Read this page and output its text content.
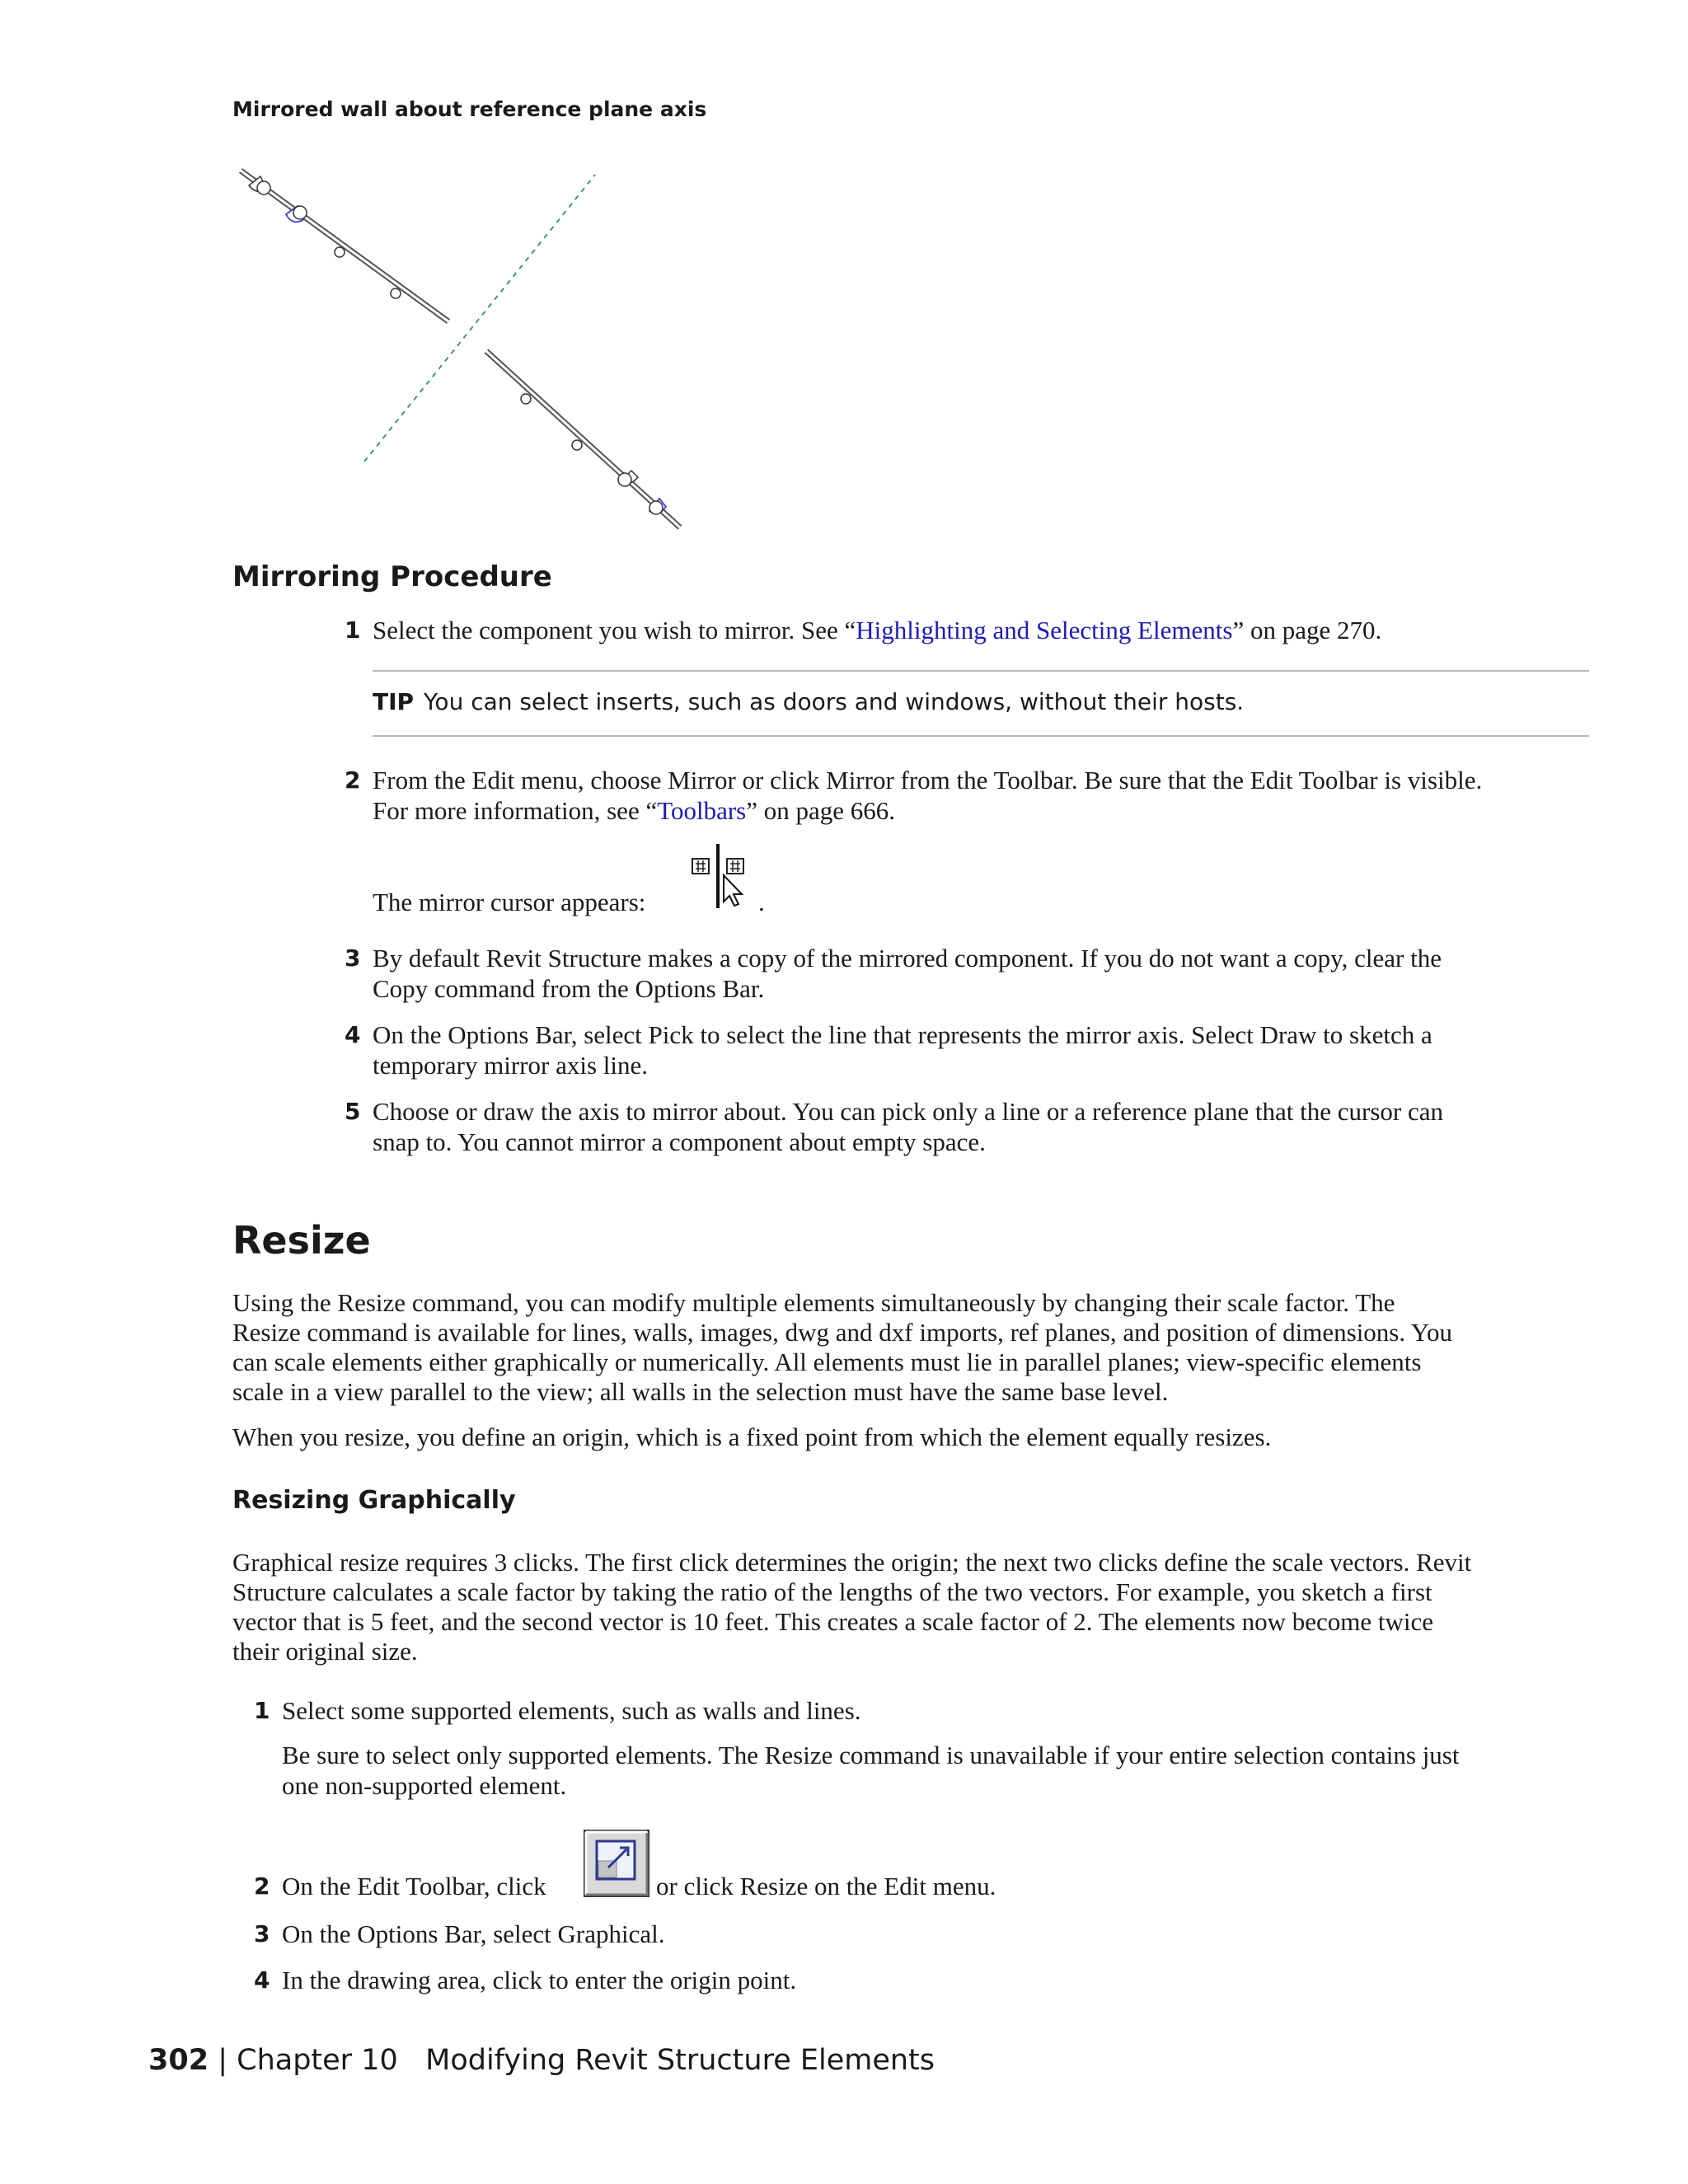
Mirrored wall about reference plane axis
Mirroring Procedure
1 Select the component you wish to mirror. See “Highlighting and Selecting Elements” on page 270.
TIP You can select inserts, such as doors and windows, without their hosts.
2 From the Edit menu, choose Mirror or click Mirror from the Toolbar. Be sure that the Edit Toolbar is visible.
For more information, see “Toolbars” on page 666.
The mirror cursor appears:	.
3 By default Revit Structure makes a copy of the mirrored component. If you do not want a copy, clear the
Copy command from the Options Bar.
4 On the Options Bar, select Pick to select the line that represents the mirror axis. Select Draw to sketch a
temporary mirror axis line.
5 Choose or draw the axis to mirror about. You can pick only a line or a reference plane that the cursor can
snap to. You cannot mirror a component about empty space.
Resize
Using the Resize command, you can modify multiple elements simultaneously by changing their scale factor. The
Resize command is available for lines, walls, images, dwg and dxf imports, ref planes, and position of dimensions. You
can scale elements either graphically or numerically. All elements must lie in parallel planes; view-specific elements
scale in a view parallel to the view; all walls in the selection must have the same base level.
When you resize, you define an origin, which is a fixed point from which the element equally resizes.
Resizing Graphically
Graphical resize requires 3 clicks. The first click determines the origin; the next two clicks define the scale vectors. Revit
Structure calculates a scale factor by taking the ratio of the lengths of the two vectors. For example, you sketch a first
vector that is 5 feet, and the second vector is 10 feet. This creates a scale factor of 2. The elements now become twice
their original size.
1 Select some supported elements, such as walls and lines.
Be sure to select only supported elements. The Resize command is unavailable if your entire selection contains just
one non-supported element.
2 On the Edit Toolbar, click	or click Resize on the Edit menu.
3 On the Options Bar, select Graphical.
4 In the drawing area, click to enter the origin point.
302 | Chapter 10 Modifying Revit Structure Elements
